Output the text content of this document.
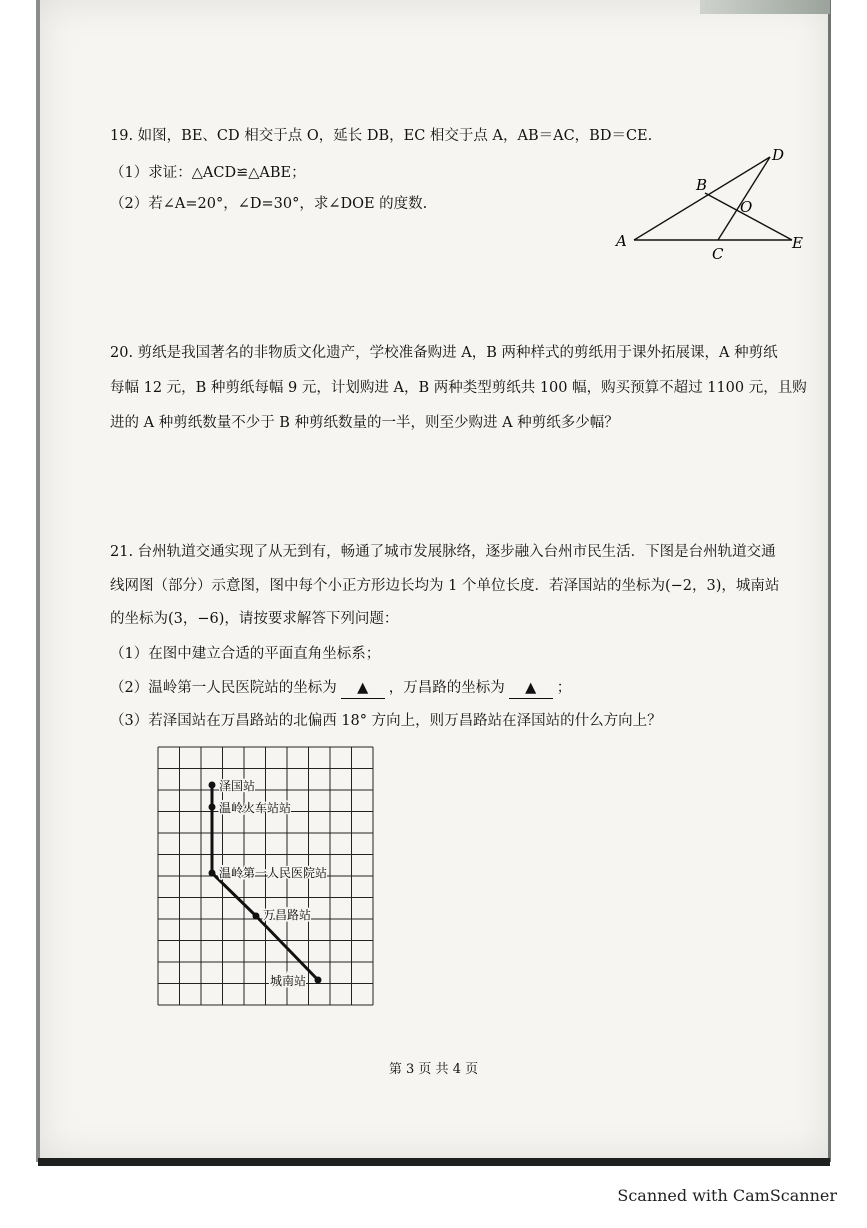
19. 如图，BE、CD 相交于点 O，延长 DB，EC 相交于点 A，AB＝AC，BD＝CE.
（1）求证：△ACD≌△ABE；
（2）若∠A=20°，∠D=30°，求∠DOE 的度数.
A
B
C
D
E
O
20. 剪纸是我国著名的非物质文化遗产，学校准备购进 A，B 两种样式的剪纸用于课外拓展课，A 种剪纸
每幅 12 元，B 种剪纸每幅 9 元，计划购进 A，B 两种类型剪纸共 100 幅，购买预算不超过 1100 元，且购
进的 A 种剪纸数量不少于 B 种剪纸数量的一半，则至少购进 A 种剪纸多少幅？
21. 台州轨道交通实现了从无到有，畅通了城市发展脉络，逐步融入台州市民生活．下图是台州轨道交通
线网图（部分）示意图，图中每个小正方形边长均为 1 个单位长度．若泽国站的坐标为(−2，3)，城南站
的坐标为(3，−6)，请按要求解答下列问题：
（1）在图中建立合适的平面直角坐标系；
（2）温岭第一人民医院站的坐标为 ▲ ，万昌路的坐标为 ▲ ；
（3）若泽国站在万昌路站的北偏西 18° 方向上，则万昌路站在泽国站的什么方向上？
泽国站
温岭火车站站
温岭第一人民医院站
万昌路站
城南站
第 3 页 共 4 页
Scanned with CamScanner
